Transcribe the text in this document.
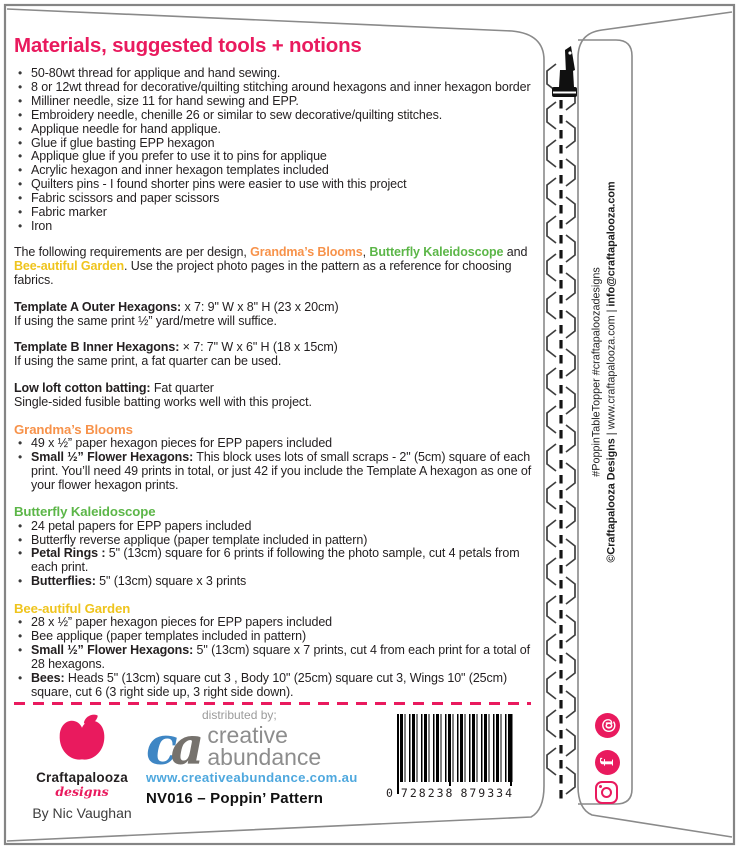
Materials, suggested tools + notions
• 50-80wt thread for applique and hand sewing.
• 8 or 12wt thread for decorative/quilting stitching around hexagons and inner hexagon border
• Milliner needle, size 11 for hand sewing and EPP.
• Embroidery needle, chenille 26 or similar to sew decorative/quilting stitches.
• Applique needle for hand applique.
• Glue if glue basting EPP hexagon
• Applique glue if you prefer to use it to pins for applique
• Acrylic hexagon and inner hexagon templates included
• Quilters pins - I found shorter pins were easier to use with this project
• Fabric scissors and paper scissors
• Fabric marker
• Iron

The following requirements are per design, Grandma’s Blooms, Butterfly Kaleidoscope and Bee-autiful Garden. Use the project photo pages in the pattern as a reference for choosing fabrics.

Template A Outer Hexagons: x 7: 9" W x 8" H (23 x 20cm)
If using the same print ½” yard/metre will suffice.
Template B Inner Hexagons: × 7: 7" W x 6" H (18 x 15cm)
If using the same print, a fat quarter can be used.
Low loft cotton batting: Fat quarter
Single-sided fusible batting works well with this project.
Grandma’s Blooms
• 49 x ½” paper hexagon pieces for EPP papers included
• Small ½” Flower Hexagons: This block uses lots of small scraps - 2" (5cm) square of each print. You’ll need 49 prints in total, or just 42 if you include the Template A hexagon as one of your flower hexagon prints.
Butterfly Kaleidoscope
• 24 petal papers for EPP papers included
• Butterfly reverse applique (paper template included in pattern)
• Petal Rings : 5" (13cm) square for 6 prints if following the photo sample, cut 4 petals from each print.
• Butterflies: 5" (13cm) square x 3 prints
Bee-autiful Garden
• 28 x ½” paper hexagon pieces for EPP papers included
• Bee applique (paper templates included in pattern)
• Small ½” Flower Hexagons: 5" (13cm) square x 7 prints, cut 4 from each print for a total of 28 hexagons.
• Bees: Heads 5" (13cm) square cut 3 , Body 10" (25cm) square cut 3, Wings 10" (25cm) square, cut 6 (3 right side up, 3 right side down).
Craftapalooza
designs
By Nic Vaughan
distributed by;
ca creative
abundance
www.creativeabundance.com.au
NV016 – Poppin’ Pattern	0 728238 879334
#PoppinTableTopper #craftapaloozadesigns
©Craftapalooza Designs | www.craftapalooza.com | info@craftapalooza.com
@
f
